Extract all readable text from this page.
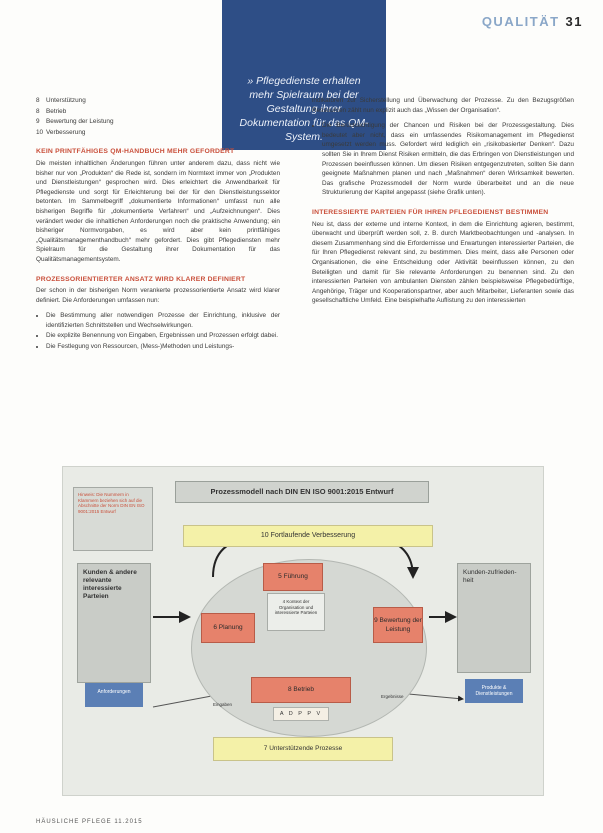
QUALITÄT 31
» Pflegedienste erhalten mehr Spielraum bei der Gestaltung ihrer Dokumentation für das QM-System.
8 Unterstützung
8 Betrieb
9 Bewertung der Leistung
10 Verbesserung
KEIN PRINTFÄHIGES QM-HANDBUCH MEHR GEFORDERT

Die meisten inhaltlichen Änderungen führen unter anderem dazu, dass nicht wie bisher nur von „Produkten“ die Rede ist, sondern im Normtext immer von „Produkten und Dienstleistungen“ gesprochen wird. Dies erleichtert die Anwendbarkeit für Pflegedienste und sorgt für Erleichterung bei der für den Dienstleistungssektor betonten. Im Sammelbegriff „dokumentierte Informationen“ umfasst nun alle bisherigen Begriffe für „dokumentierte Verfahren“ und „Aufzeichnungen“. Dies verändert weder die inhaltlichen Anforderungen noch die praktische Anwendung; ein bisheriger Normvorgaben, es wird aber kein printfähiges „Qualitätsmanagementhandbuch“ mehr gefordert. Dies gibt Pflegediensten mehr Spielraum für die Gestaltung ihrer Dokumentation für das Qualitätsmanagementsystem.

PROZESSORIENTIERTER ANSATZ WIRD KLARER DEFINIERT

Der schon in der bisherigen Norm verankerte prozessorientierte Ansatz wird klarer definiert. Die Anforderungen umfassen nun:

• Die Bestimmung aller notwendigen Prozesse der Einrichtung, inklusive der identifizierten Schnittstellen und Wechselwirkungen.
• Die explizite Benennung von Eingaben, Ergebnissen und Prozessen erfolgt dabei.
• Die Festlegung von Ressourcen, (Mess-)Methoden und Leistungs-

indikatoren zur Sicherstellung und Überwachung der Prozesse. Zu den Bezugsgrößen Ressourcen zählt nun explizit auch das „Wissen der Organisation“.

• Die Berücksichtigung der Chancen und Risiken bei der Prozessgestaltung. Dies bedeutet aber nicht, dass ein umfassendes Risikomanagement im Pflegedienst umgesetzt werden muss. Gefordert wird lediglich ein „risikobasierter Denken“. Dazu sollten Sie in Ihrem Dienst Risiken ermitteln, die das Erbringen von Dienstleistungen und Prozessen beeinflussen können. Um diesen Risiken entgegenzutreten, sollten Sie dann geeignete Maßnahmen planen und nach „Maßnahmen“ deren Wirksamkeit bewerten. Das grafische Prozessmodell der Norm wurde überarbeitet und an die neue Strukturierung der Kapitel angepasst (siehe Grafik unten).
INTERESSIERTE PARTEIEN FÜR IHREN PFLEGEDIENST BESTIMMEN

Neu ist, dass der externe und interne Kontext, in dem die Einrichtung agieren, bestimmt, überwacht und überprüft werden soll, z. B. durch Marktbeobachtungen und -analysen. In diesem Zusammenhang sind die Erfordernisse und Erwartungen interessierter Parteien, die für Ihren Pflegedienst relevant sind, zu bestimmen. Dies meint, dass alle Personen oder Organisationen, die eine Entscheidung oder Aktivität beeinflussen können, zu den Beteiligten und damit für Sie relevante Anforderungen zu benennen sind. Zu den interessierten Parteien von ambulanten Diensten zählen beispielsweise Pflegebedürftige, Angehörige, Träger und Kooperationspartner, aber auch Mitarbeiter, Lieferanten sowie das gesellschaftliche Umfeld. Eine beispielhafte Auflistung zu den interessierten

Prozessmodell nach DIN EN ISO 9001:2015 Entwurf
Hinweis: Die Nummern in Klammern beziehen sich auf die Abschnitte der Norm DIN EN ISO 9001:2015 Entwurf
10 Fortlaufende Verbesserung
Kunden & andere relevante interessierte Parteien
Kunden-zufrieden-heit
Anforderungen
Produkte & Dienstleistungen
5 Führung
6 Planung
9 Bewertung der Leistung
8 Betrieb
4 Kontext der Organisation und interessierte Parteien
A D P P V
Eingaben
Ergebnisse
7 Unterstützende Prozesse
HÄUSLICHE PFLEGE 11.2015
